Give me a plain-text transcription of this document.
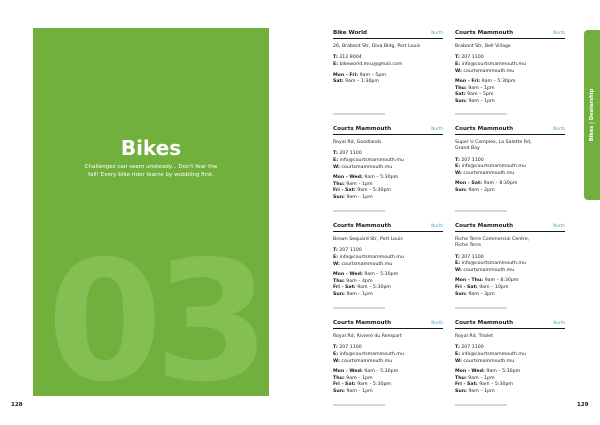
03
Bikes
Challenges can seem unsteady... Don't fear the fall! Every bike rider learns by wobbling first.
128
Bike World	North
26, Brabant Str, Diva Bldg, Port Louis
T: 212 8004
E: bikeworld.mru@gmail.com
Mon - Fri: 9am – 5pm
Sat: 9am – 1:30pm
Courts Mammouth	North
Brabant Str, Bell Village
T: 207 1100
E: info@courtsmammouth.mu
W: courtsmammouth.mu
Mon - Fri: 9am – 5:30pm
Thu: 9am – 1pm
Sat: 9am – 5pm
Sun: 9am – 1pm
Courts Mammouth	North
Royal Rd, Goodlands
T: 207 1100
E: info@courtsmammouth.mu
W: courtsmammouth.mu
Mon - Wed: 9am – 5:30pm
Thu: 9am – 1pm
Fri - Sat: 9am – 5:30pm
Sun: 9am – 1pm
Courts Mammouth	North
Super U Complex, La Salette Rd,
Grand Bay
T: 207 1100
E: info@courtsmammouth.mu
W: courtsmammouth.mu
Mon - Sat: 9am – 8:30pm
Sun: 9am – 2pm
Courts Mammouth	North
Brown Sequard Str, Port Louis
T: 207 1100
E: info@courtsmammouth.mu
W: courtsmammouth.mu
Mon - Wed: 9am – 5:30pm
Thu: 9am – 4pm
Fri - Sat: 9am – 5:30pm
Sun: 9am – 1pm
Courts Mammouth	North
Riche Terre Commercial Centre,
Riche Terre
T: 207 1100
E: info@courtsmammouth.mu
W: courtsmammouth.mu
Mon - Thu: 9am – 8:30pm
Fri - Sat: 9am – 10pm
Sun: 9am – 3pm
Courts Mammouth	North
Royal Rd, Riviere du Rempart
T: 207 1100
E: info@courtsmammouth.mu
W: courtsmammouth.mu
Mon - Wed: 9am – 5:30pm
Thu: 9am – 1pm
Fri - Sat: 9am – 5:30pm
Sun: 9am – 1pm
Courts Mammouth	North
Royal Rd, Triolet
T: 207 1100
E: info@courtsmammouth.mu
W: courtsmammouth.mu
Mon - Wed: 9am – 5:30pm
Thu: 9am – 1pm
Fri - Sat: 9am – 5:30pm
Sun: 9am – 1pm
Bikes | Dealership
129
